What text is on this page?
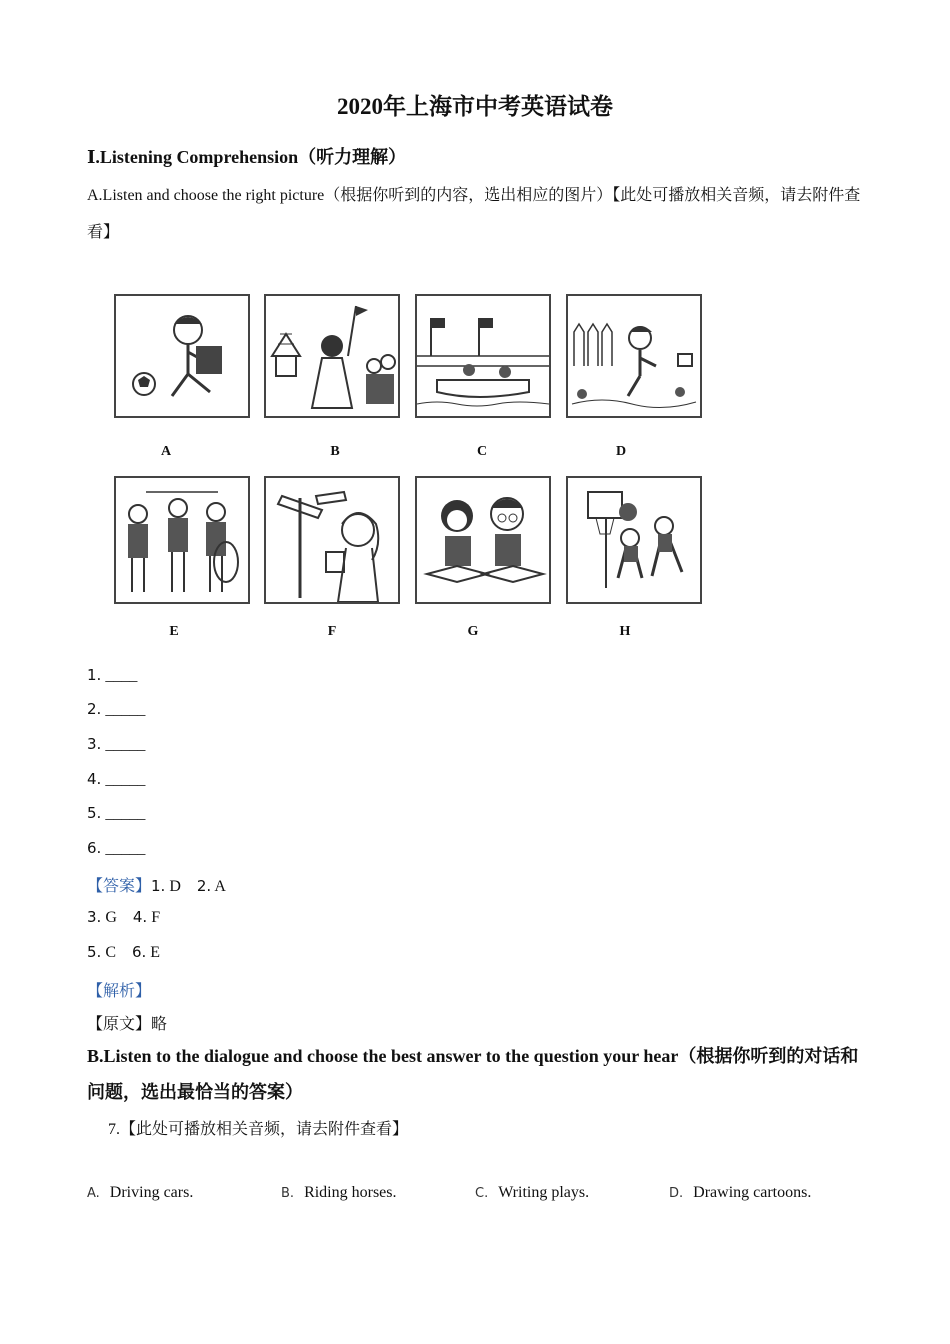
2020年上海市中考英语试卷
Ⅰ.Listening Comprehension（听力理解）
A.Listen and choose the right picture（根据你听到的内容，选出相应的图片）【此处可播放相关音频，请去附件查看】
A	B	C	D
E	F	G	H
1. ____
2. _____
3. _____
4. _____
5. _____
6. _____
【答案】1. D 2. A
3. G 4. F
5. C 6. E
【解析】
【原文】略
B.Listen to the dialogue and choose the best answer to the question your hear（根据你听到的对话和问题，选出最恰当的答案）
7.【此处可播放相关音频，请去附件查看】
A. Driving cars.	B. Riding horses.	C. Writing plays.	D. Drawing cartoons.
